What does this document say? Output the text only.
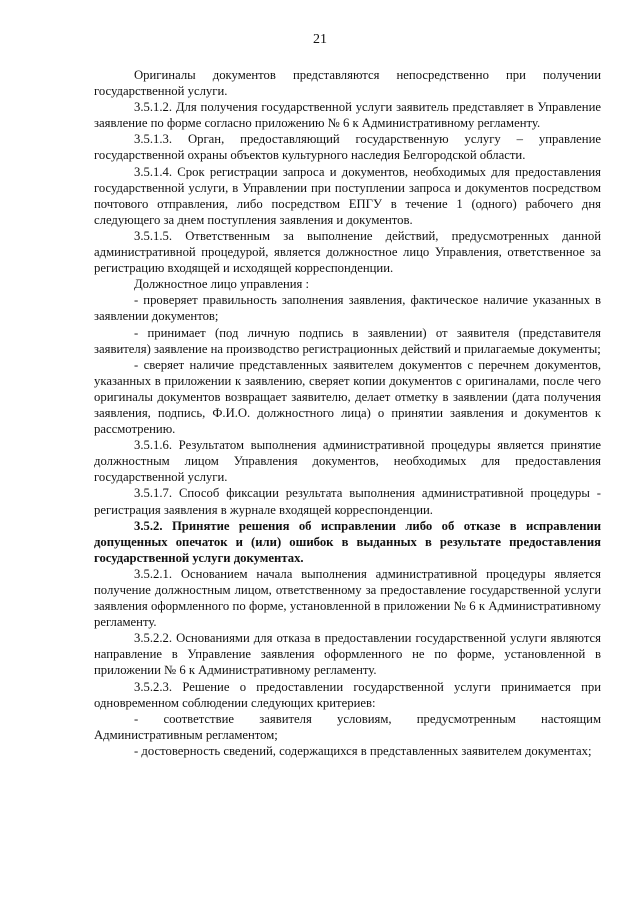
21

Оригиналы документов представляются непосредственно при получении государственной услуги.

3.5.1.2. Для получения государственной услуги заявитель представляет в Управление заявление по форме согласно приложению № 6 к Административному регламенту.

3.5.1.3. Орган, предоставляющий государственную услугу – управление государственной охраны объектов культурного наследия Белгородской области.

3.5.1.4. Срок регистрации запроса и документов, необходимых для предоставления государственной услуги, в Управлении при поступлении запроса и документов посредством почтового отправления, либо посредством ЕПГУ в течение 1 (одного) рабочего дня следующего за днем поступления заявления и документов.

3.5.1.5. Ответственным за выполнение действий, предусмотренных данной административной процедурой, является должностное лицо Управления, ответственное за регистрацию входящей и исходящей корреспонденции.

Должностное лицо управления :

- проверяет правильность заполнения заявления, фактическое наличие указанных в заявлении документов;

- принимает (под личную подпись в заявлении) от заявителя (представителя заявителя) заявление на производство регистрационных действий и прилагаемые документы;

- сверяет наличие представленных заявителем документов с перечнем документов, указанных в приложении к заявлению, сверяет копии документов с оригиналами, после чего оригиналы документов возвращает заявителю, делает отметку в заявлении (дата получения заявления, подпись, Ф.И.О. должностного лица) о принятии заявления и документов к рассмотрению.

3.5.1.6. Результатом выполнения административной процедуры является принятие должностным лицом Управления документов, необходимых для предоставления государственной услуги.

3.5.1.7. Способ фиксации результата выполнения административной процедуры - регистрация заявления в журнале входящей корреспонденции.

3.5.2. Принятие решения об исправлении либо об отказе в исправлении допущенных опечаток и (или) ошибок в выданных в результате предоставления государственной услуги документах.

3.5.2.1. Основанием начала выполнения административной процедуры является получение должностным лицом, ответственному за предоставление государственной услуги заявления оформленного по форме, установленной в приложении № 6 к Административному регламенту.

3.5.2.2. Основаниями для отказа в предоставлении государственной услуги являются направление в Управление заявления оформленного не по форме, установленной в приложении № 6 к Административному регламенту.

3.5.2.3. Решение о предоставлении государственной услуги принимается при одновременном соблюдении следующих критериев:

- соответствие заявителя условиям, предусмотренным настоящим Административным регламентом;

- достоверность сведений, содержащихся в представленных заявителем документах;
